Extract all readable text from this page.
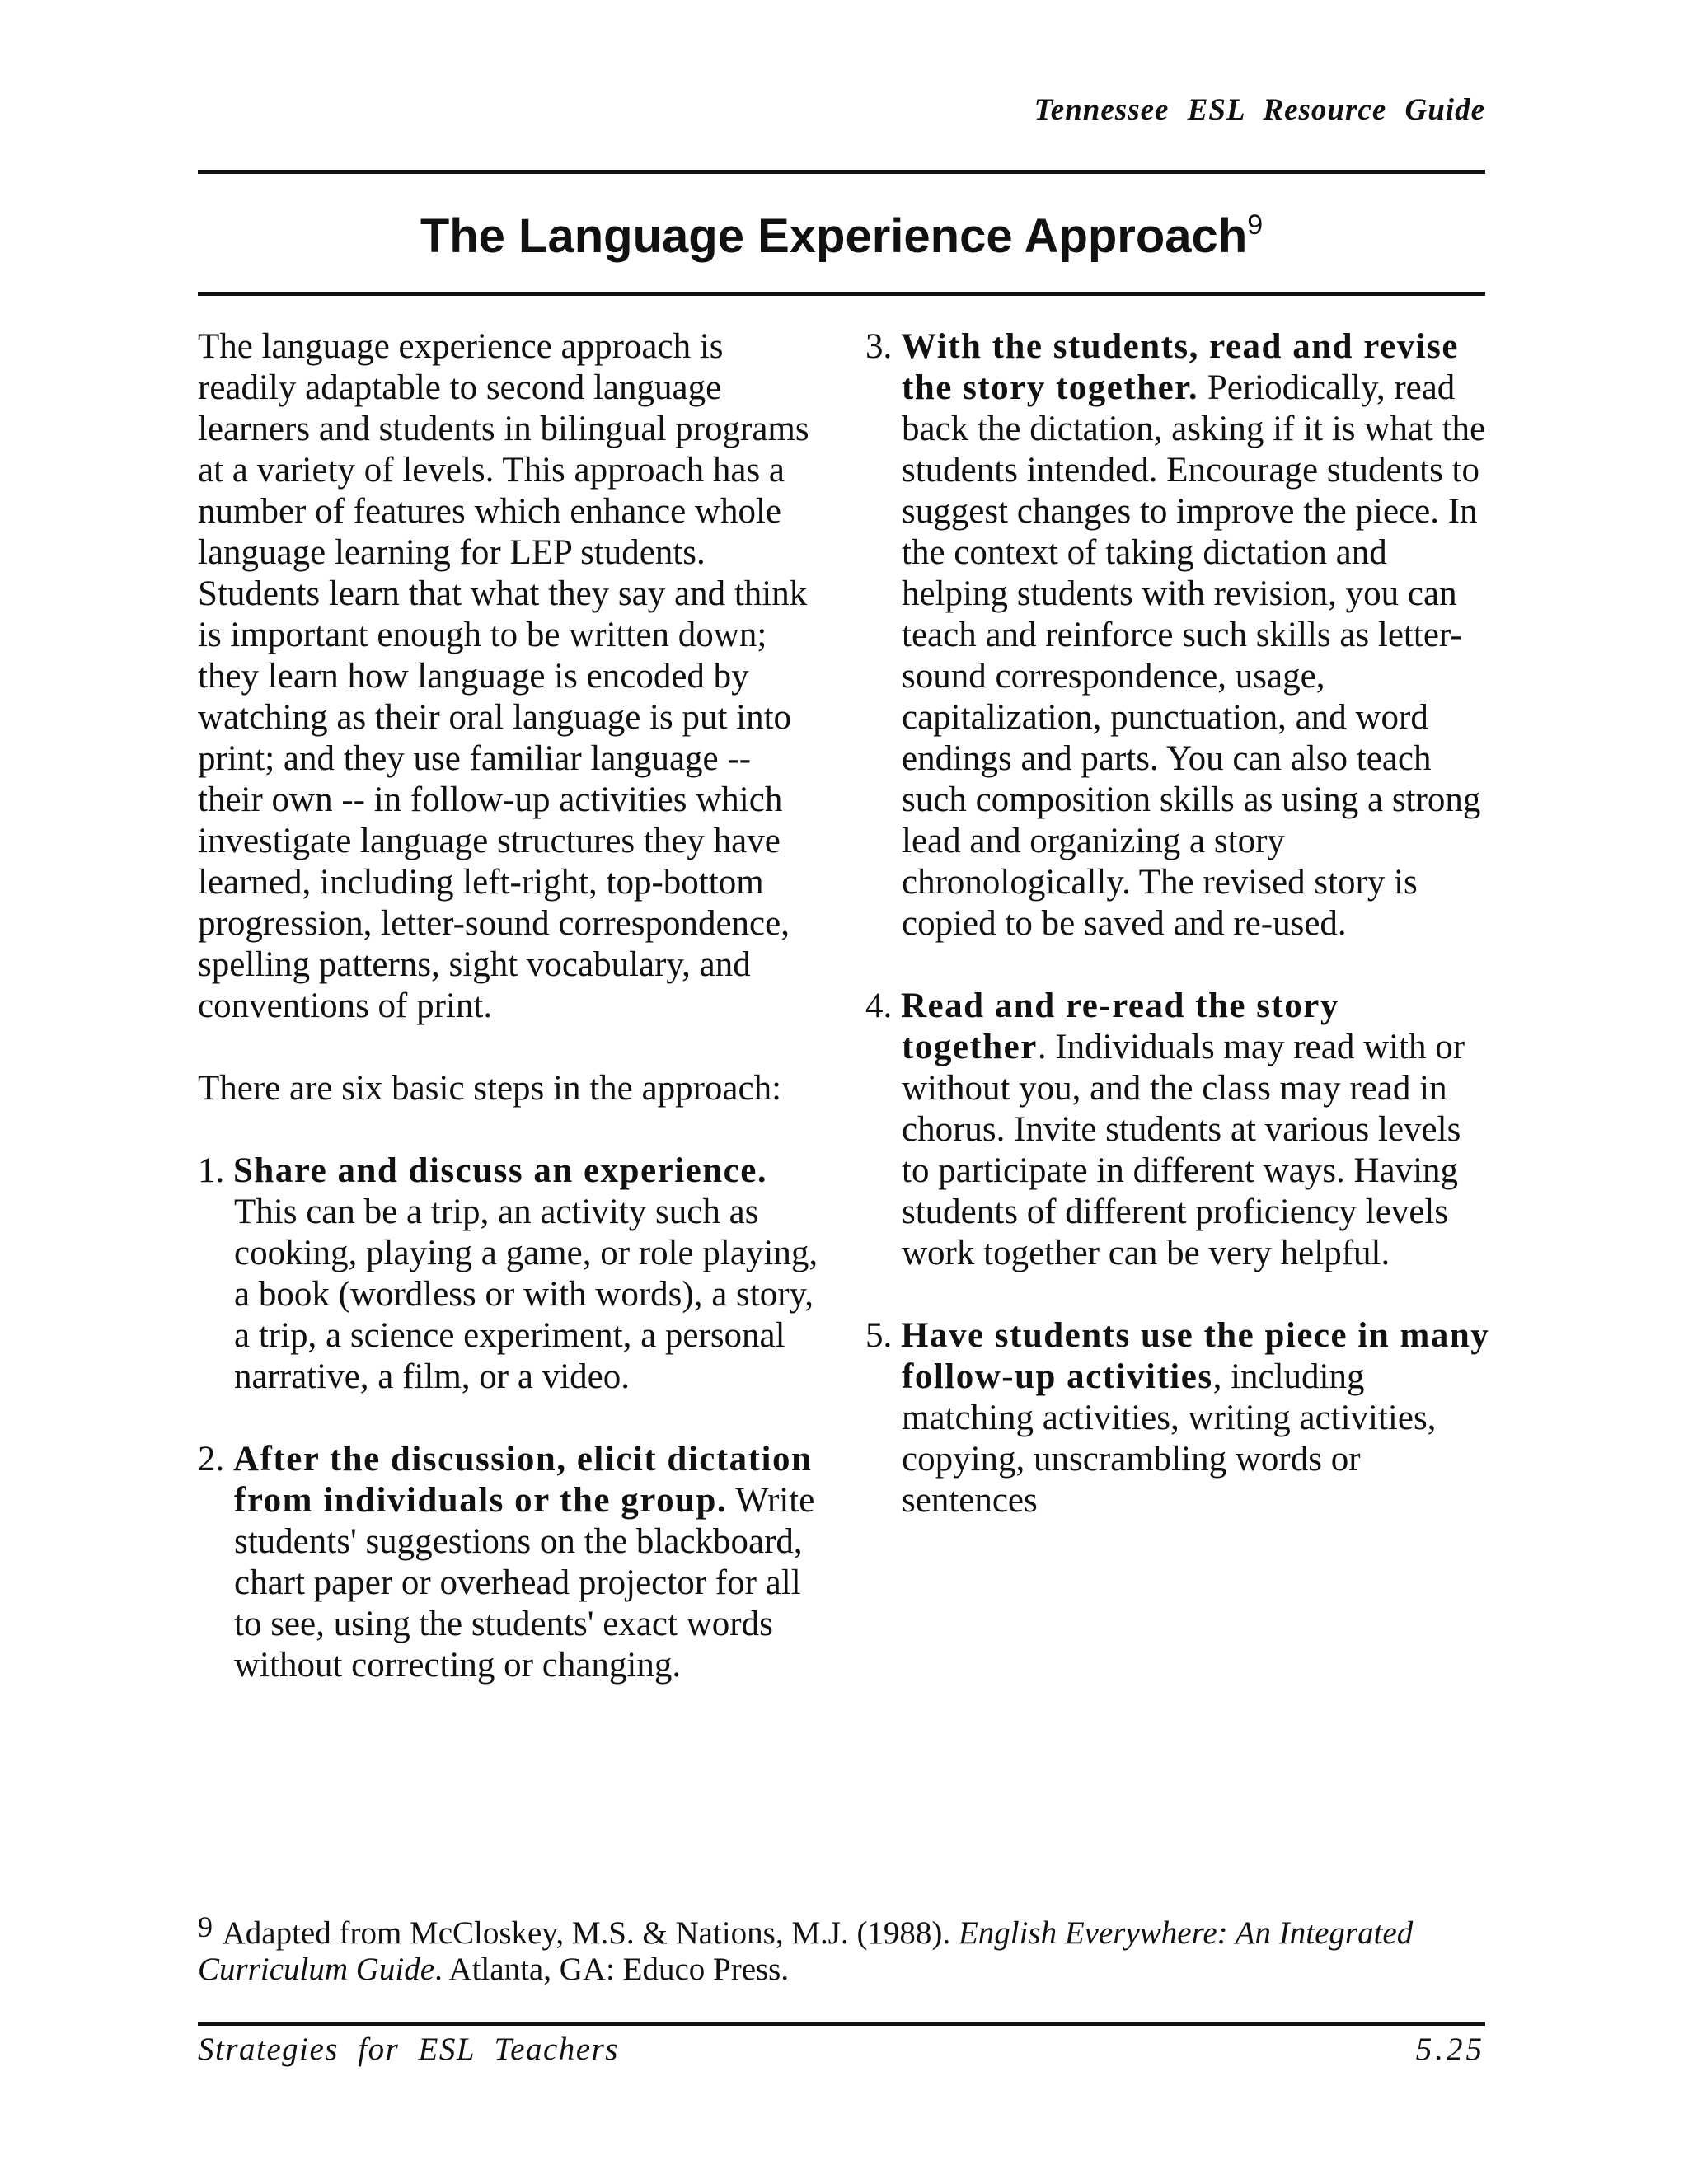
Tennessee ESL Resource Guide
The Language Experience Approach$^9$

The language experience approach is readily adaptable to second language learners and students in bilingual programs at a variety of levels. This approach has a number of features which enhance whole language learning for LEP students. Students learn that what they say and think is important enough to be written down; they learn how language is encoded by watching as their oral language is put into print; and they use familiar language -- their own -- in follow-up activities which investigate language structures they have learned, including left-right, top-bottom progression, letter-sound correspondence, spelling patterns, sight vocabulary, and conventions of print.

There are six basic steps in the approach:

1. Share and discuss an experience. This can be a trip, an activity such as cooking, playing a game, or role playing, a book (wordless or with words), a story, a trip, a science experiment, a personal narrative, a film, or a video.

2. After the discussion, elicit dictation from individuals or the group. Write students' suggestions on the blackboard, chart paper or overhead projector for all to see, using the students' exact words without correcting or changing.

3. With the students, read and revise the story together. Periodically, read back the dictation, asking if it is what the students intended. Encourage students to suggest changes to improve the piece. In the context of taking dictation and helping students with revision, you can teach and reinforce such skills as letter-sound correspondence, usage, capitalization, punctuation, and word endings and parts. You can also teach such composition skills as using a strong lead and organizing a story chronologically. The revised story is copied to be saved and re-used.

4. Read and re-read the story together. Individuals may read with or without you, and the class may read in chorus. Invite students at various levels to participate in different ways. Having students of different proficiency levels work together can be very helpful.

5. Have students use the piece in many follow-up activities, including matching activities, writing activities, copying, unscrambling words or sentences

$^9$ Adapted from McCloskey, M.S. & Nations, M.J. (1988). English Everywhere: An Integrated Curriculum Guide. Atlanta, GA: Educo Press.
Strategies for ESL Teachers	5.25
